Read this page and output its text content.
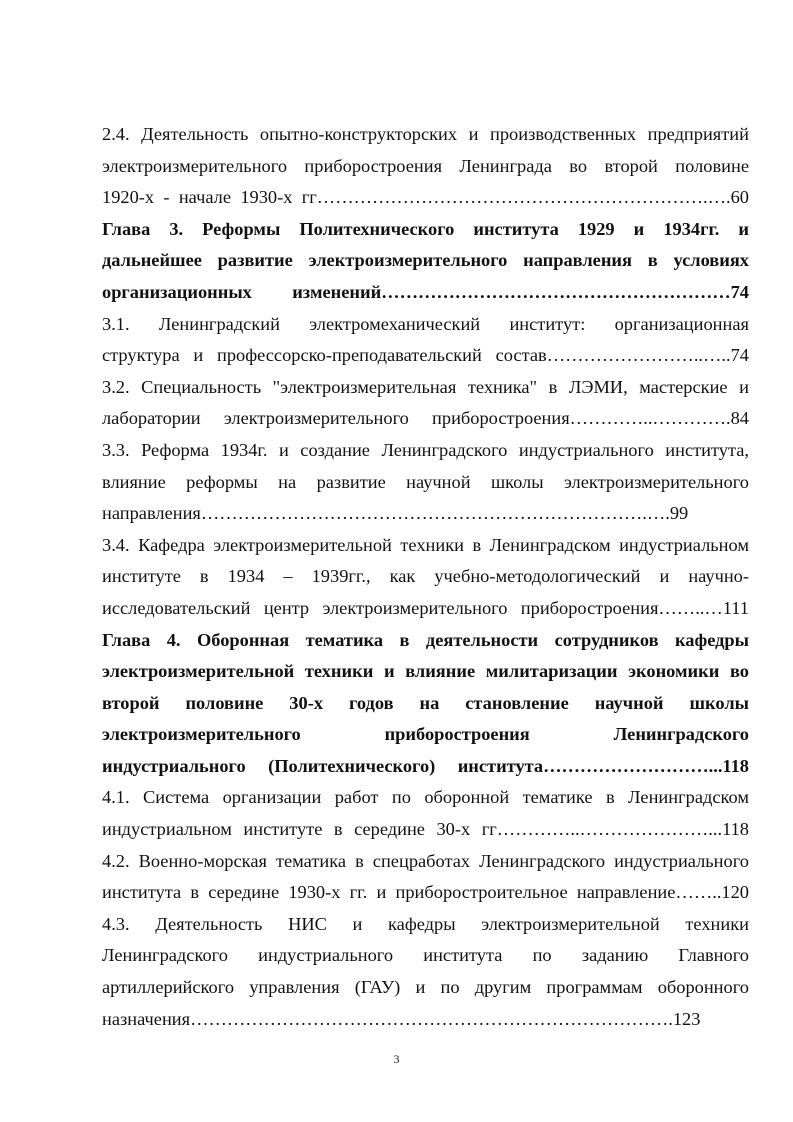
2.4. Деятельность опытно-конструкторских и производственных предприятий
электроизмерительного приборостроения Ленинграда во второй половине
1920-х - начале 1930-х гг……………………………………………………….….60

Глава 3. Реформы Политехнического института 1929 и 1934гг. и
дальнейшее развитие электроизмерительного направления в условиях
организационных изменений…………………………………………………74

3.1. Ленинградский электромеханический институт: организационная
структура и профессорско-преподавательский состав……………………..…..74

3.2. Специальность "электроизмерительная техника" в ЛЭМИ, мастерские и
лаборатории электроизмерительного приборостроения…………..………….84

3.3. Реформа 1934г. и создание Ленинградского индустриального института,
влияние реформы на развитие научной школы электроизмерительного
направления……………………………………………………………….….99

3.4. Кафедра электроизмерительной техники в Ленинградском индустриальном
институте в 1934 – 1939гг., как учебно-методологический и научно-
исследовательский центр электроизмерительного приборостроения……..…111

Глава 4. Оборонная тематика в деятельности сотрудников кафедры
электроизмерительной техники и влияние милитаризации экономики во
второй половине 30-х годов на становление научной школы
электроизмерительного приборостроения Ленинградского
индустриального (Политехнического) института………………………...118

4.1. Система организации работ по оборонной тематике в Ленинградском
индустриальном институте в середине 30-х гг…………..…………………...118

4.2. Военно-морская тематика в спецработах Ленинградского индустриального
института в середине 1930-х гг. и приборостроительное направление……..120

4.3. Деятельность НИС и кафедры электроизмерительной техники
Ленинградского индустриального института по заданию Главного
артиллерийского управления (ГАУ) и по другим программам оборонного
назначения…………………………………………………………………….123

3
